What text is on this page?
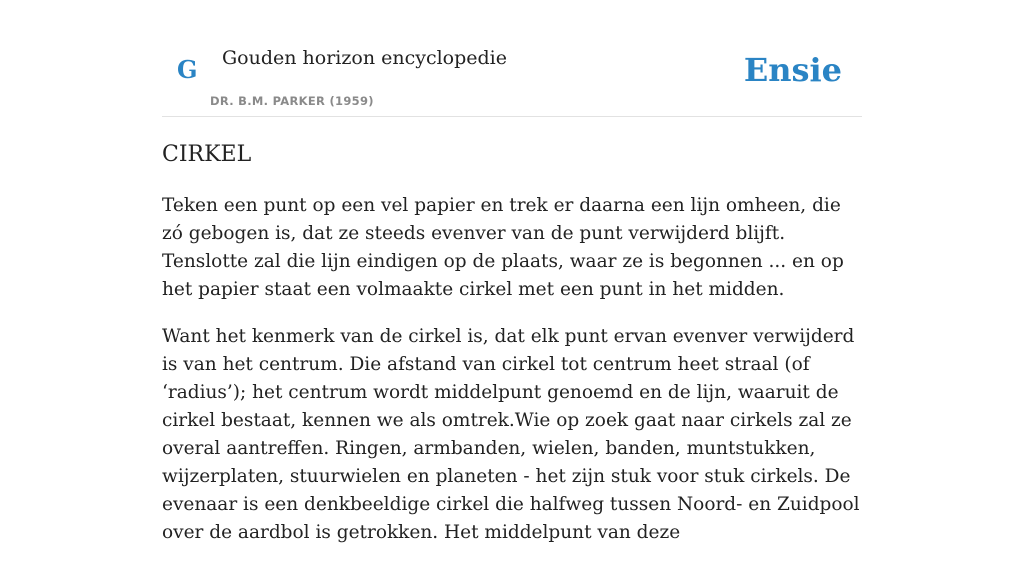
G Gouden horizon encyclopedie
DR. B.M. PARKER (1959)
Ensie
CIRKEL

Teken een punt op een vel papier en trek er daarna een lijn omheen, die zó gebogen is, dat ze steeds evenver van de punt verwijderd blijft. Tenslotte zal die lijn eindigen op de plaats, waar ze is begonnen ... en op het papier staat een volmaakte cirkel met een punt in het midden.

Want het kenmerk van de cirkel is, dat elk punt ervan evenver verwijderd is van het centrum. Die afstand van cirkel tot centrum heet straal (of ‘radius’); het centrum wordt middelpunt genoemd en de lijn, waaruit de cirkel bestaat, kennen we als omtrek.Wie op zoek gaat naar cirkels zal ze overal aantreffen. Ringen, armbanden, wielen, banden, muntstukken, wijzerplaten, stuurwielen en planeten - het zijn stuk voor stuk cirkels. De evenaar is een denkbeeldige cirkel die halfweg tussen Noord- en Zuidpool over de aardbol is getrokken. Het middelpunt van deze
